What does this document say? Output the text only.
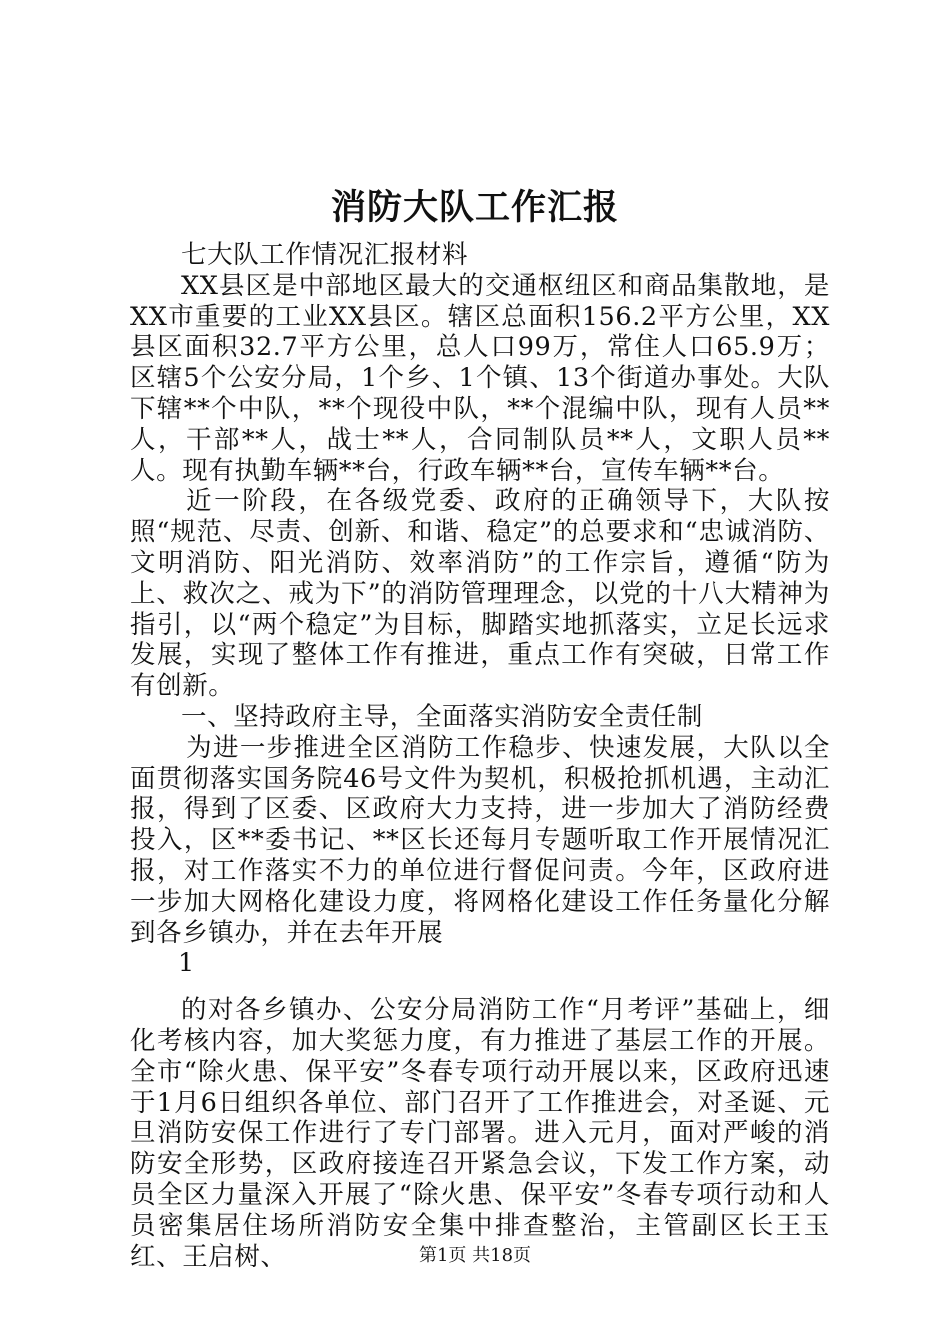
消防大队工作汇报

七大队工作情况汇报材料

XX县区是中部地区最大的交通枢纽区和商品集散地，是XX市重要的工业XX县区。辖区总面积156.2平方公里，XX县区面积32.7平方公里，总人口99万，常住人口65.9万；区辖5个公安分局，1个乡、1个镇、13个街道办事处。大队下辖**个中队，**个现役中队，**个混编中队，现有人员**人，干部**人，战士**人，合同制队员**人，文职人员**人。现有执勤车辆**台，行政车辆**台，宣传车辆**台。

近一阶段，在各级党委、政府的正确领导下，大队按照“规范、尽责、创新、和谐、稳定”的总要求和“忠诚消防、文明消防、阳光消防、效率消防”的工作宗旨，遵循“防为上、救次之、戒为下”的消防管理理念，以党的十八大精神为指引，以“两个稳定”为目标，脚踏实地抓落实，立足长远求发展，实现了整体工作有推进，重点工作有突破，日常工作有创新。

一、坚持政府主导，全面落实消防安全责任制

为进一步推进全区消防工作稳步、快速发展，大队以全面贯彻落实国务院46号文件为契机，积极抢抓机遇，主动汇报，得到了区委、区政府大力支持，进一步加大了消防经费投入，区**委书记、**区长还每月专题听取工作开展情况汇报，对工作落实不力的单位进行督促问责。今年，区政府进一步加大网格化建设力度，将网格化建设工作任务量化分解到各乡镇办，并在去年开展

1

的对各乡镇办、公安分局消防工作“月考评”基础上，细化考核内容，加大奖惩力度，有力推进了基层工作的开展。全市“除火患、保平安”冬春专项行动开展以来，区政府迅速于1月6日组织各单位、部门召开了工作推进会，对圣诞、元旦消防安保工作进行了专门部署。进入元月，面对严峻的消防安全形势，区政府接连召开紧急会议，下发工作方案，动员全区力量深入开展了“除火患、保平安”冬春专项行动和人员密集居住场所消防安全集中排查整治，主管副区长王玉红、王启树、	第1页 共18页
